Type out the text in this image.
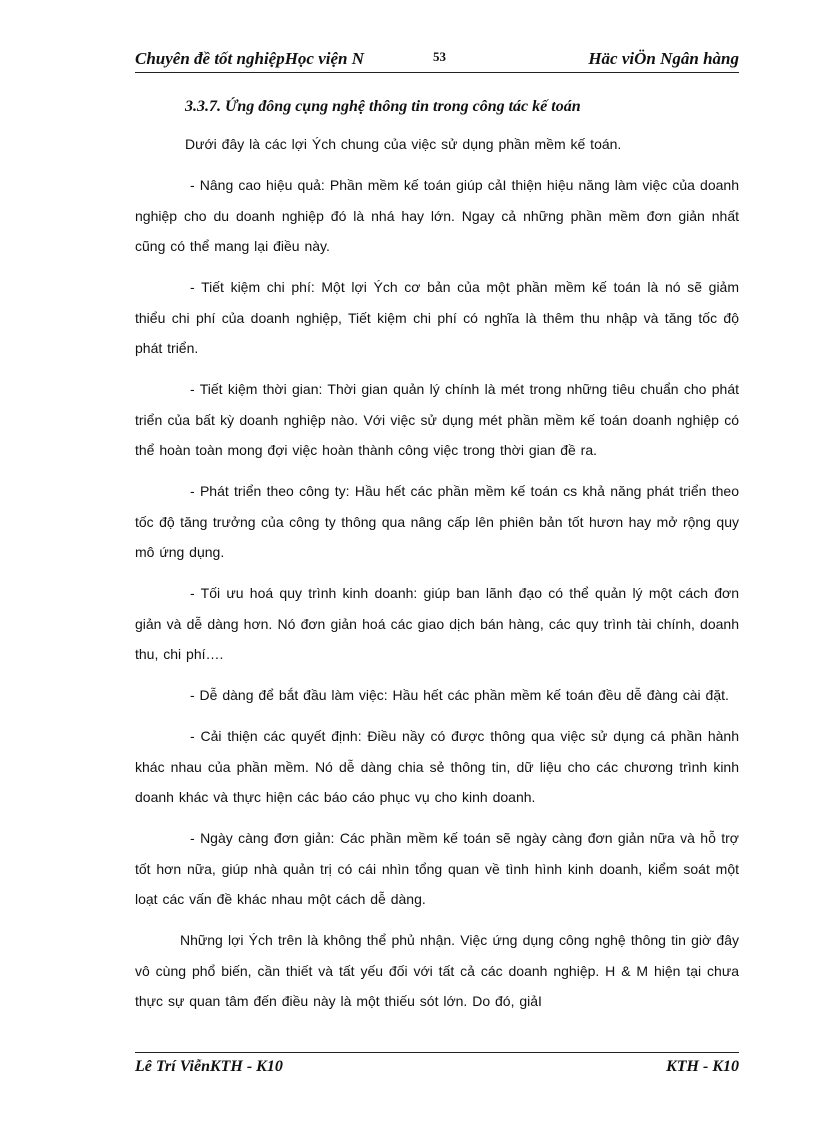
Chuyên đề tốt nghiệpHọc viện N	53	Häc viÖn Ngân hàng
3.3.7. Ứng đông cụng nghệ thông tin trong công tác kế toán

Dưới đây là các lợi Ých chung của việc sử dụng phần mềm kế toán.

- Nâng cao hiệu quả: Phần mềm kế toán giúp cảI thiện hiệu năng làm việc của doanh nghiệp cho du doanh nghiệp đó là nhá hay lớn. Ngay cả những phần mềm đơn giản nhất cũng có thể mang lại điều này.

- Tiết kiệm chi phí: Một lợi Ých cơ bản của một phần mềm kế toán là nó sẽ giảm thiểu chi phí của doanh nghiệp, Tiết kiệm chi phí có nghĩa là thêm thu nhập và tăng tốc độ phát triển.

- Tiết kiệm thời gian: Thời gian quản lý chính là mét trong những tiêu chuẩn cho phát triển của bất kỳ doanh nghiệp nào. Với việc sử dụng mét phần mềm kế toán doanh nghiệp có thể hoàn toàn mong đợi việc hoàn thành công việc trong thời gian đề ra.

- Phát triển theo công ty: Hầu hết các phần mềm kế toán cs khả năng phát triển theo tốc độ tăng trưởng của công ty thông qua nâng cấp lên phiên bản tốt hươn hay mở rộng quy mô ứng dụng.

- Tối ưu hoá quy trình kinh doanh: giúp ban lãnh đạo có thể quản lý một cách đơn giản và dễ dàng hơn. Nó đơn giản hoá các giao dịch bán hàng, các quy trình tài chính, doanh thu, chi phí….

- Dễ dàng để bắt đầu làm việc: Hầu hết các phần mềm kế toán đều dễ đàng cài đặt.

- Cải thiện các quyết định: Điều nầy có được thông qua việc sử dụng cá phần hành khác nhau của phần mềm. Nó dễ dàng chia sẻ thông tin, dữ liệu cho các chương trình kinh doanh khác và thực hiện các báo cáo phục vụ cho kinh doanh.

- Ngày càng đơn giản: Các phần mềm kế toán sẽ ngày càng đơn giản nữa và hỗ trợ tốt hơn nữa, giúp nhà quản trị có cái nhìn tổng quan về tình hình kinh doanh, kiểm soát một loạt các vấn đề khác nhau một cách dễ dàng.

Những lợi Ých trên là không thể phủ nhận. Việc ứng dụng công nghệ thông tin giờ đây vô cùng phổ biến, cần thiết và tất yếu đối với tất cả các doanh nghiệp. H & M hiện tại chưa thực sự quan tâm đến điều này là một thiếu sót lớn. Do đó, giảI

Lê Trí ViễnKTH - K10	KTH - K10
